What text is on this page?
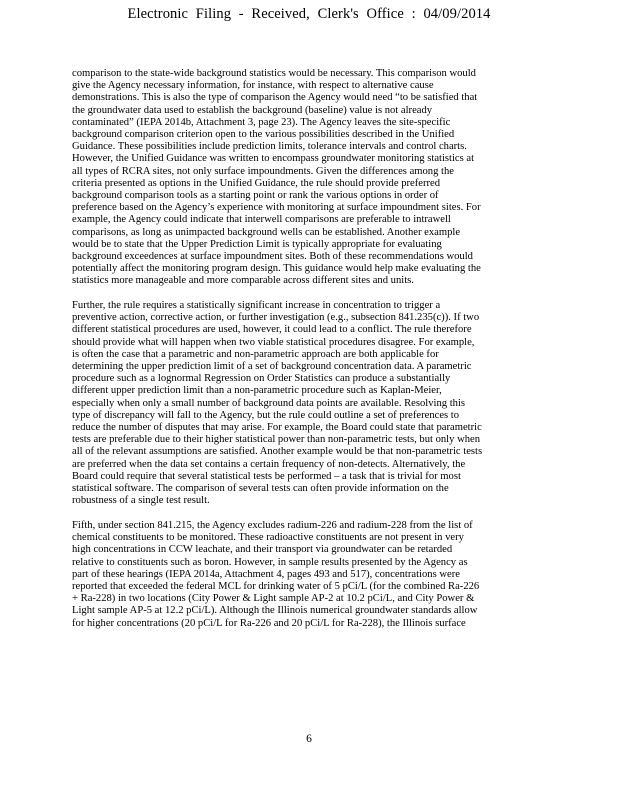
Electronic Filing - Received, Clerk's Office : 04/09/2014

comparison to the state-wide background statistics would be necessary. This comparison would
give the Agency necessary information, for instance, with respect to alternative cause
demonstrations. This is also the type of comparison the Agency would need “to be satisfied that
the groundwater data used to establish the background (baseline) value is not already
contaminated” (IEPA 2014b, Attachment 3, page 23). The Agency leaves the site-specific
background comparison criterion open to the various possibilities described in the Unified
Guidance. These possibilities include prediction limits, tolerance intervals and control charts.
However, the Unified Guidance was written to encompass groundwater monitoring statistics at
all types of RCRA sites, not only surface impoundments. Given the differences among the
criteria presented as options in the Unified Guidance, the rule should provide preferred
background comparison tools as a starting point or rank the various options in order of
preference based on the Agency’s experience with monitoring at surface impoundment sites. For
example, the Agency could indicate that interwell comparisons are preferable to intrawell
comparisons, as long as unimpacted background wells can be established. Another example
would be to state that the Upper Prediction Limit is typically appropriate for evaluating
background exceedences at surface impoundment sites. Both of these recommendations would
potentially affect the monitoring program design. This guidance would help make evaluating the
statistics more manageable and more comparable across different sites and units.

Further, the rule requires a statistically significant increase in concentration to trigger a
preventive action, corrective action, or further investigation (e.g., subsection 841.235(c)). If two
different statistical procedures are used, however, it could lead to a conflict. The rule therefore
should provide what will happen when two viable statistical procedures disagree. For example,
is often the case that a parametric and non-parametric approach are both applicable for
determining the upper prediction limit of a set of background concentration data. A parametric
procedure such as a lognormal Regression on Order Statistics can produce a substantially
different upper prediction limit than a non-parametric procedure such as Kaplan-Meier,
especially when only a small number of background data points are available. Resolving this
type of discrepancy will fall to the Agency, but the rule could outline a set of preferences to
reduce the number of disputes that may arise. For example, the Board could state that parametric
tests are preferable due to their higher statistical power than non-parametric tests, but only when
all of the relevant assumptions are satisfied. Another example would be that non-parametric tests
are preferred when the data set contains a certain frequency of non-detects. Alternatively, the
Board could require that several statistical tests be performed – a task that is trivial for most
statistical software. The comparison of several tests can often provide information on the
robustness of a single test result.

Fifth, under section 841.215, the Agency excludes radium-226 and radium-228 from the list of
chemical constituents to be monitored. These radioactive constituents are not present in very
high concentrations in CCW leachate, and their transport via groundwater can be retarded
relative to constituents such as boron. However, in sample results presented by the Agency as
part of these hearings (IEPA 2014a, Attachment 4, pages 493 and 517), concentrations were
reported that exceeded the federal MCL for drinking water of 5 pCi/L (for the combined Ra-226
+ Ra-228) in two locations (City Power & Light sample AP-2 at 10.2 pCi/L, and City Power &
Light sample AP-5 at 12.2 pCi/L). Although the Illinois numerical groundwater standards allow
for higher concentrations (20 pCi/L for Ra-226 and 20 pCi/L for Ra-228), the Illinois surface

6
